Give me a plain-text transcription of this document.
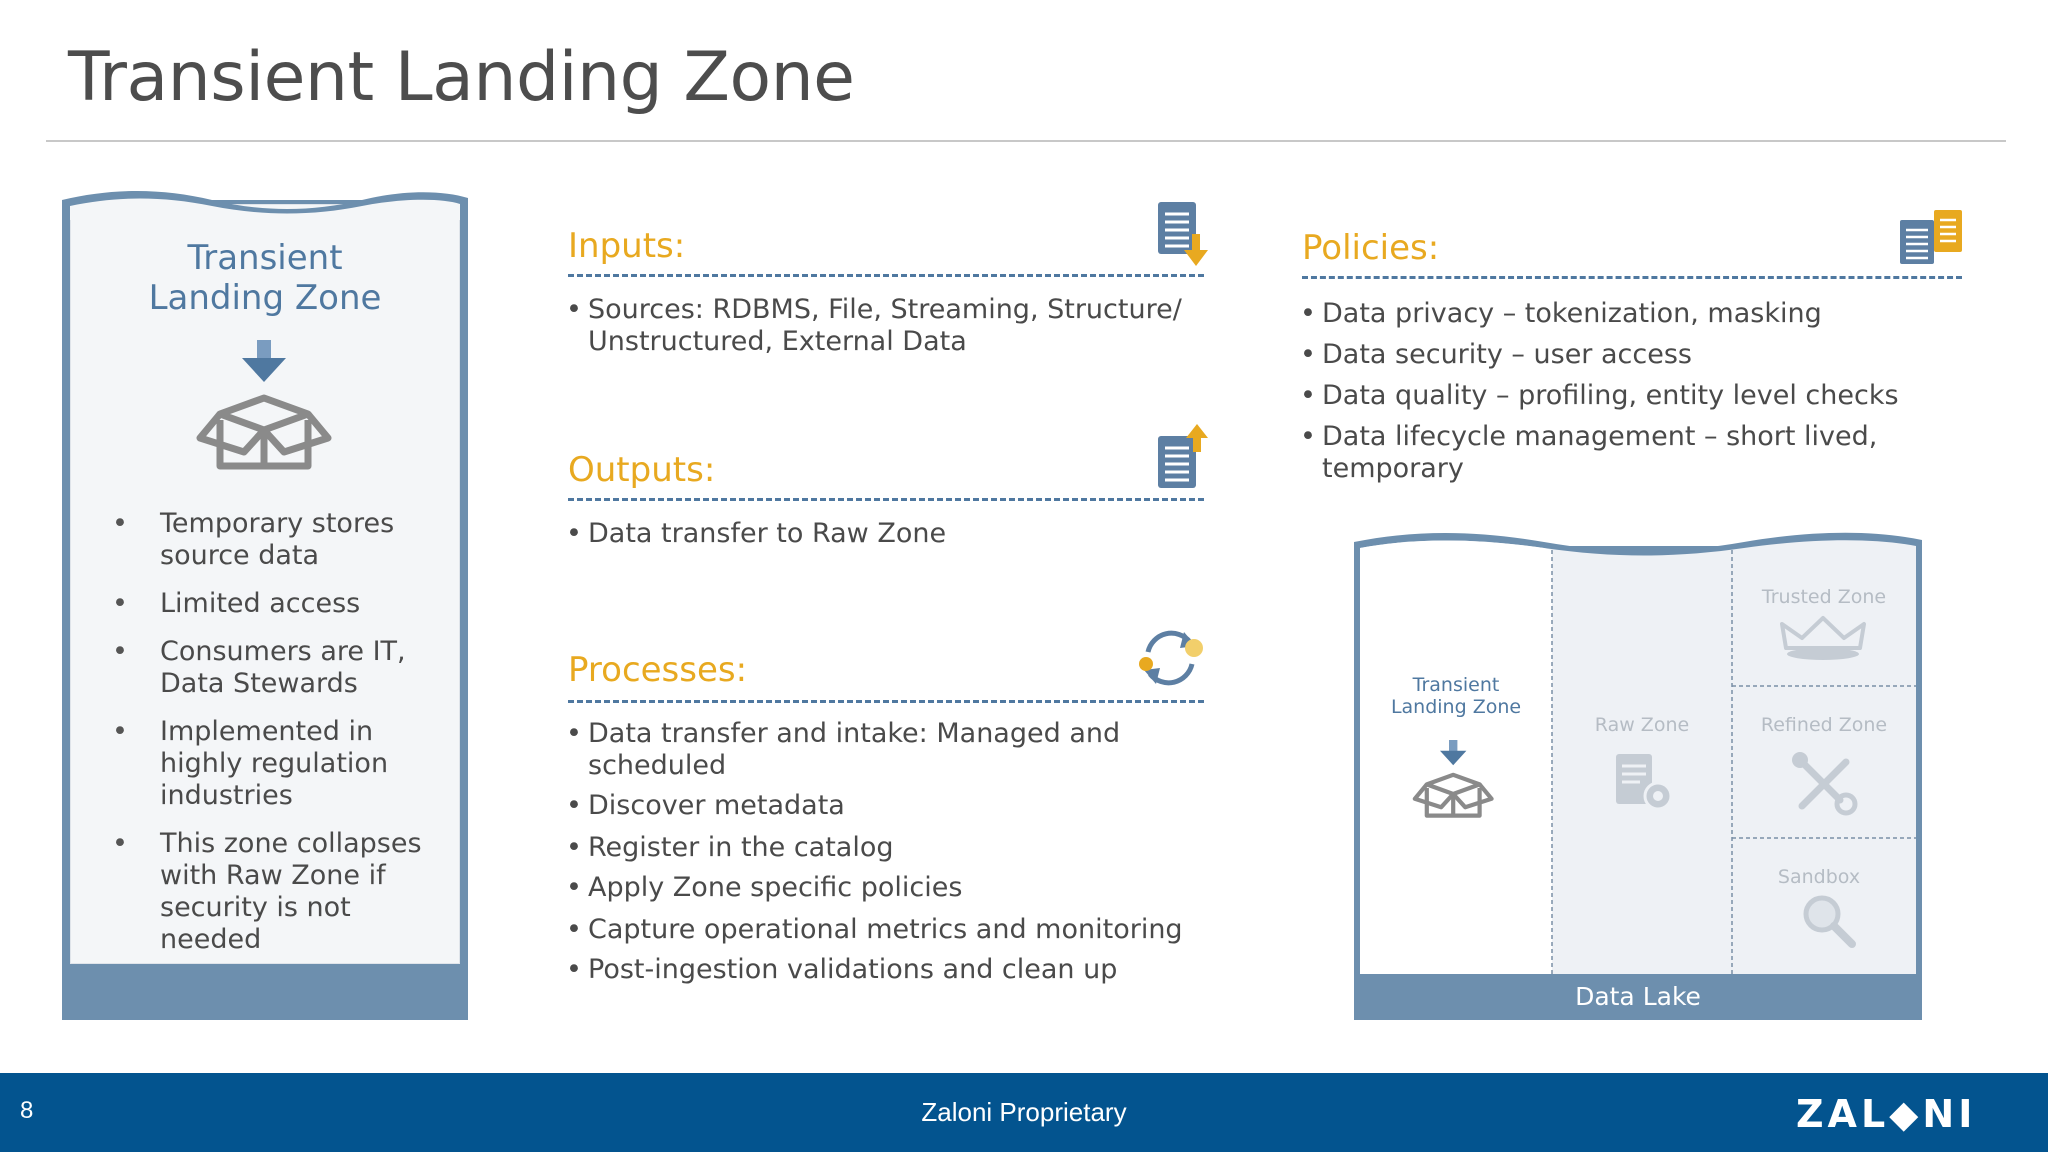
Transient Landing Zone
Transient
Landing Zone
• Temporary stores source data
• Limited access
• Consumers are IT, Data Stewards
• Implemented in highly regulation industries
• This zone collapses with Raw Zone if security is not needed
Inputs:
• Sources: RDBMS, File, Streaming, Structure/ Unstructured, External Data
Outputs:
• Data transfer to Raw Zone
Processes:
• Data transfer and intake: Managed and scheduled
• Discover metadata
• Register in the catalog
• Apply Zone specific policies
• Capture operational metrics and monitoring
• Post-ingestion validations and clean up
Policies:
• Data privacy – tokenization, masking
• Data security – user access
• Data quality – profiling, entity level checks
• Data lifecycle management – short lived, temporary
Transient
Landing Zone
Raw Zone
Trusted Zone
Refined Zone
Sandbox
Data Lake
8	Zaloni Proprietary	ZAL◆NI
